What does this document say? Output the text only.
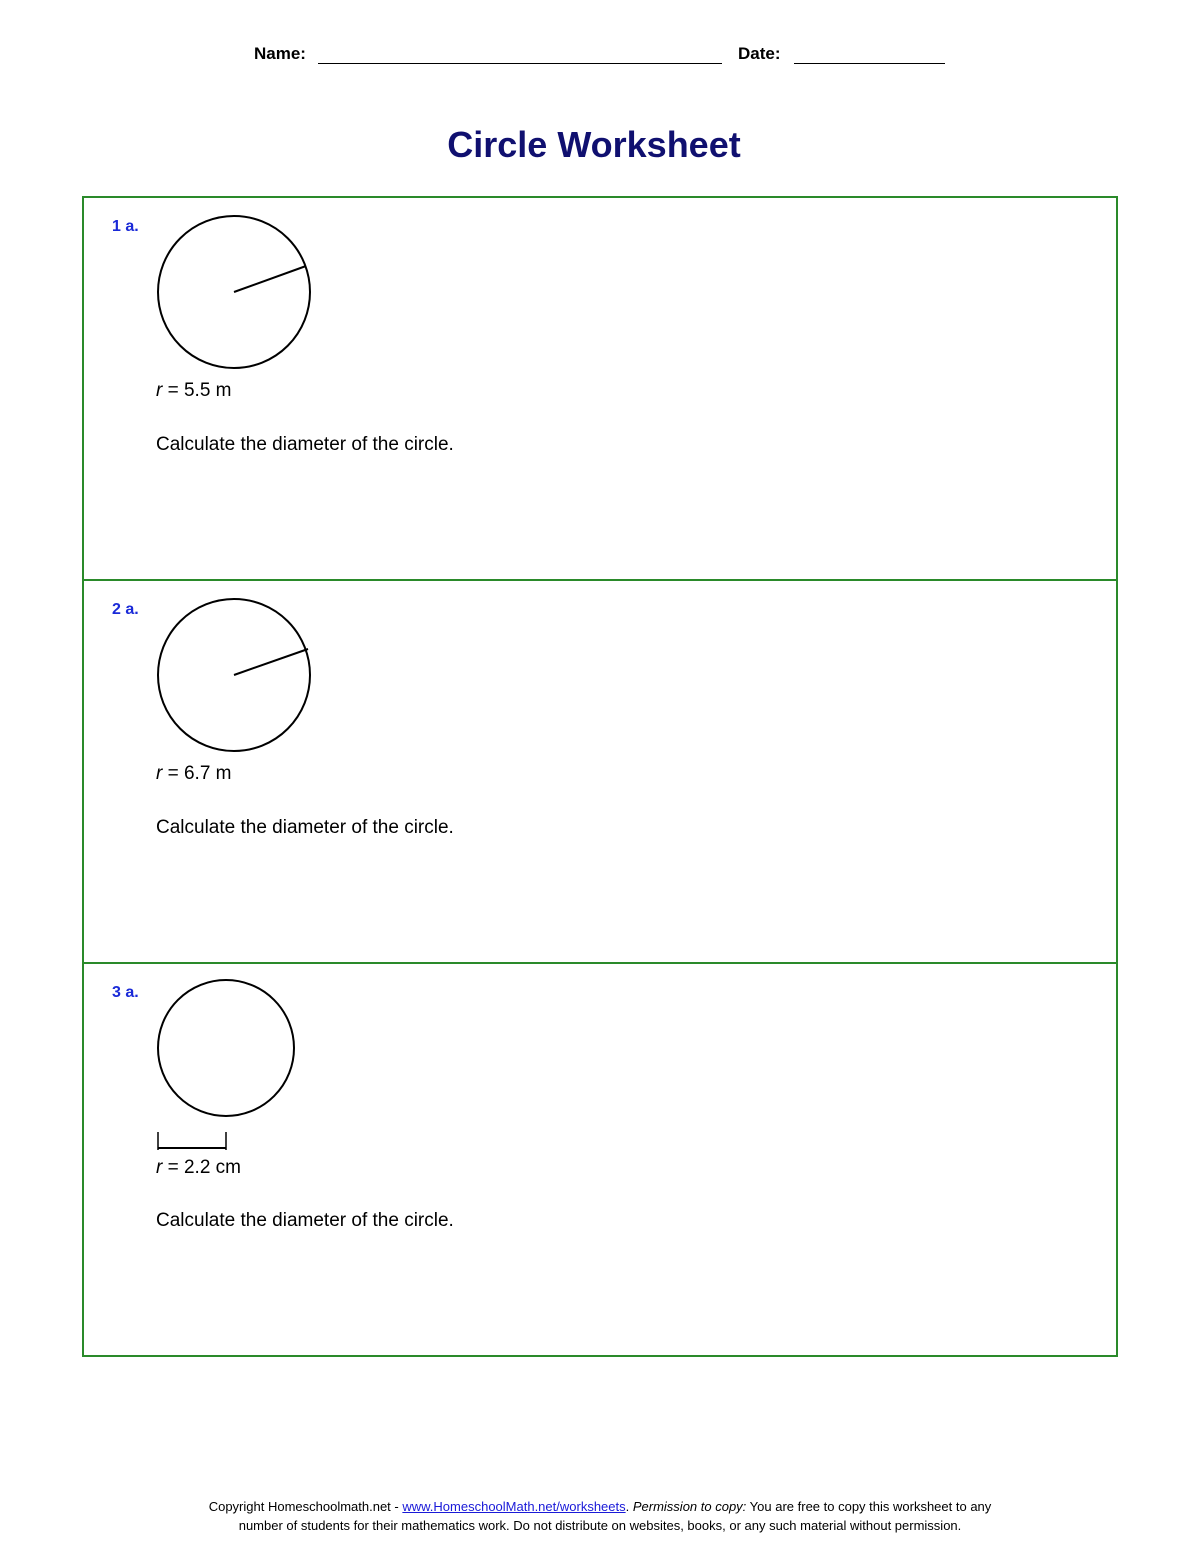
Name:	Date:
Circle Worksheet
1 a.
r = 5.5 m
Calculate the diameter of the circle.
2 a.
r = 6.7 m
Calculate the diameter of the circle.
3 a.
r = 2.2 cm
Calculate the diameter of the circle.
Copyright Homeschoolmath.net - www.HomeschoolMath.net/worksheets. Permission to copy: You are free to copy this worksheet to any
number of students for their mathematics work. Do not distribute on websites, books, or any such material without permission.
